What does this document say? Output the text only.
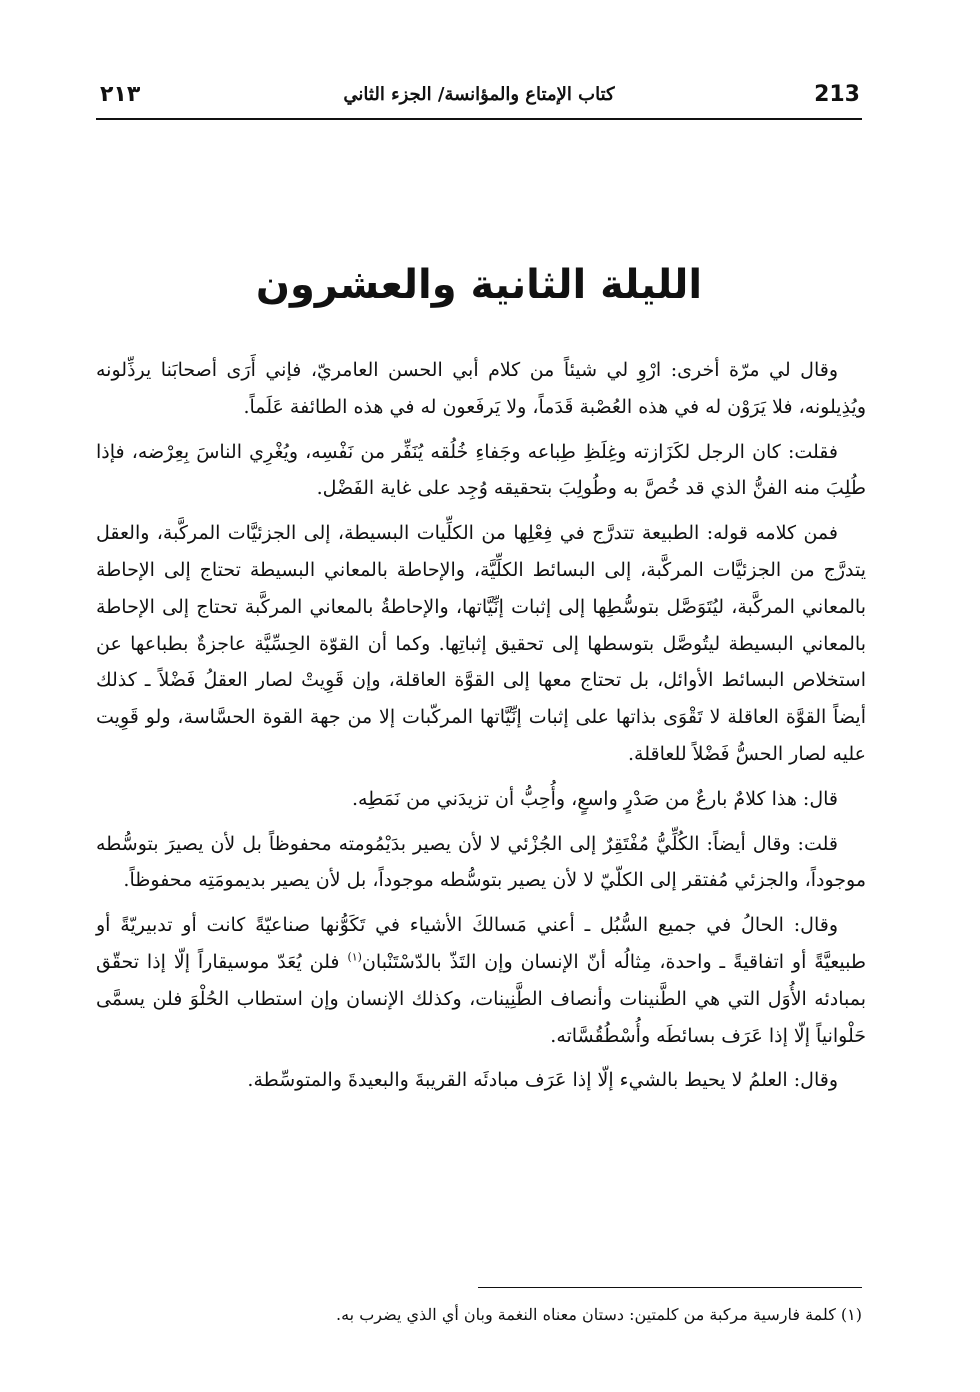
٢١٣	كتاب الإمتاع والمؤانسة/ الجزء الثاني	213
الليلة الثانية والعشرون

وقال لي مرّة أخرى: ارْوِ لي شيئاً من كلام أبي الحسن العامريّ، فإني أَرَى أصحابَنا يرذِّلونه ويُذِيلونه، فلا يَرَوْن له في هذه العُصْبة قَدَماً، ولا يَرفَعون له في هذه الطائفة عَلَماً.

فقلت: كان الرجل لكَزَازته وغِلَظِ طِباعه وجَفاءِ خُلُقه يُنَفِّر من نَفْسِه، ويُغْرِي الناسَ بِعِرْضه، فإذا طُلِبَ منه الفنُّ الذي قد خُصَّ به وطُولِبَ بتحقيقه وُجِد على غاية الفَضْل.

فمن كلامه قوله: الطبيعة تتدرَّج في فِعْلِها من الكلِّيات البسيطة، إلى الجزئيَّات المركَّبة، والعقل يتدرَّج من الجزئيَّات المركَّبة، إلى البسائط الكلِّيَّة، والإحاطة بالمعاني البسيطة تحتاج إلى الإحاطة بالمعاني المركَّبة، ليُتَوَصَّل بتوسُّطِها إلى إثبات إنِّيَّاتها، والإحاطةُ بالمعاني المركَّبة تحتاج إلى الإحاطة بالمعاني البسيطة ليتُوصَّل بتوسطها إلى تحقيق إثباتِها. وكما أن القوّة الحِسِّيَّة عاجزةٌ بطباعها عن استخلاص البسائط الأوائل، بل تحتاج معها إلى القوَّة العاقلة، وإن قَوِيتْ لصار العقلُ فَضْلاً ـ كذلك أيضاً القوَّة العاقلة لا تَقْوَى بذاتها على إثبات إنِّيَّاتها المركّبات إلا من جهة القوة الحسَّاسة، ولو قَوِيت عليه لصار الحسُّ فَضْلاً للعاقلة.

قال: هذا كلامٌ بارعٌ من صَدْرٍ واسعٍ، وأُحِبُّ أن تزيدَني من نَمَطِه.

قلت: وقال أيضاً: الكُلِّيُّ مُفْتَقِرٌ إلى الجُزْئي لا لأن يصير بدَيْمُومته محفوظاً بل لأن يصيرَ بتوسُّطه موجوداً، والجزئي مُفتقر إلى الكلّيّ لا لأن يصير بتوسُّطه موجوداً، بل لأن يصير بديمومَتِه محفوظاً.

وقال: الحالُ في جميع السُّبُل ـ أعني مَسالكَ الأشياء في تَكَوُّنها صناعيّةً كانت أو تدبيريّةً أو طبيعيَّةً أو اتفاقيةً ـ واحدة، مِثالُه أنّ الإنسان وإن التَذّ بالدّسْتَنْبان$^{(١)}$ فلن يُعَدّ موسيقاراً إلّا إذا تحقّق بمبادئه الأُوَل التي هي الطَّنينات وأنصاف الطَّنِينات، وكذلك الإنسان وإن استطاب الحُلْوَ فلن يسمَّى حَلْوانياً إلّا إذا عَرَف بسائطَه وأُسْطُقُسَّاته.

وقال: العلمُ لا يحيط بالشيء إلّا إذا عَرَف مبادئَه القريبةَ والبعيدةَ والمتوسِّطة.

(١) كلمة فارسية مركبة من كلمتين: دستان معناه النغمة وبان أي الذي يضرب به.
